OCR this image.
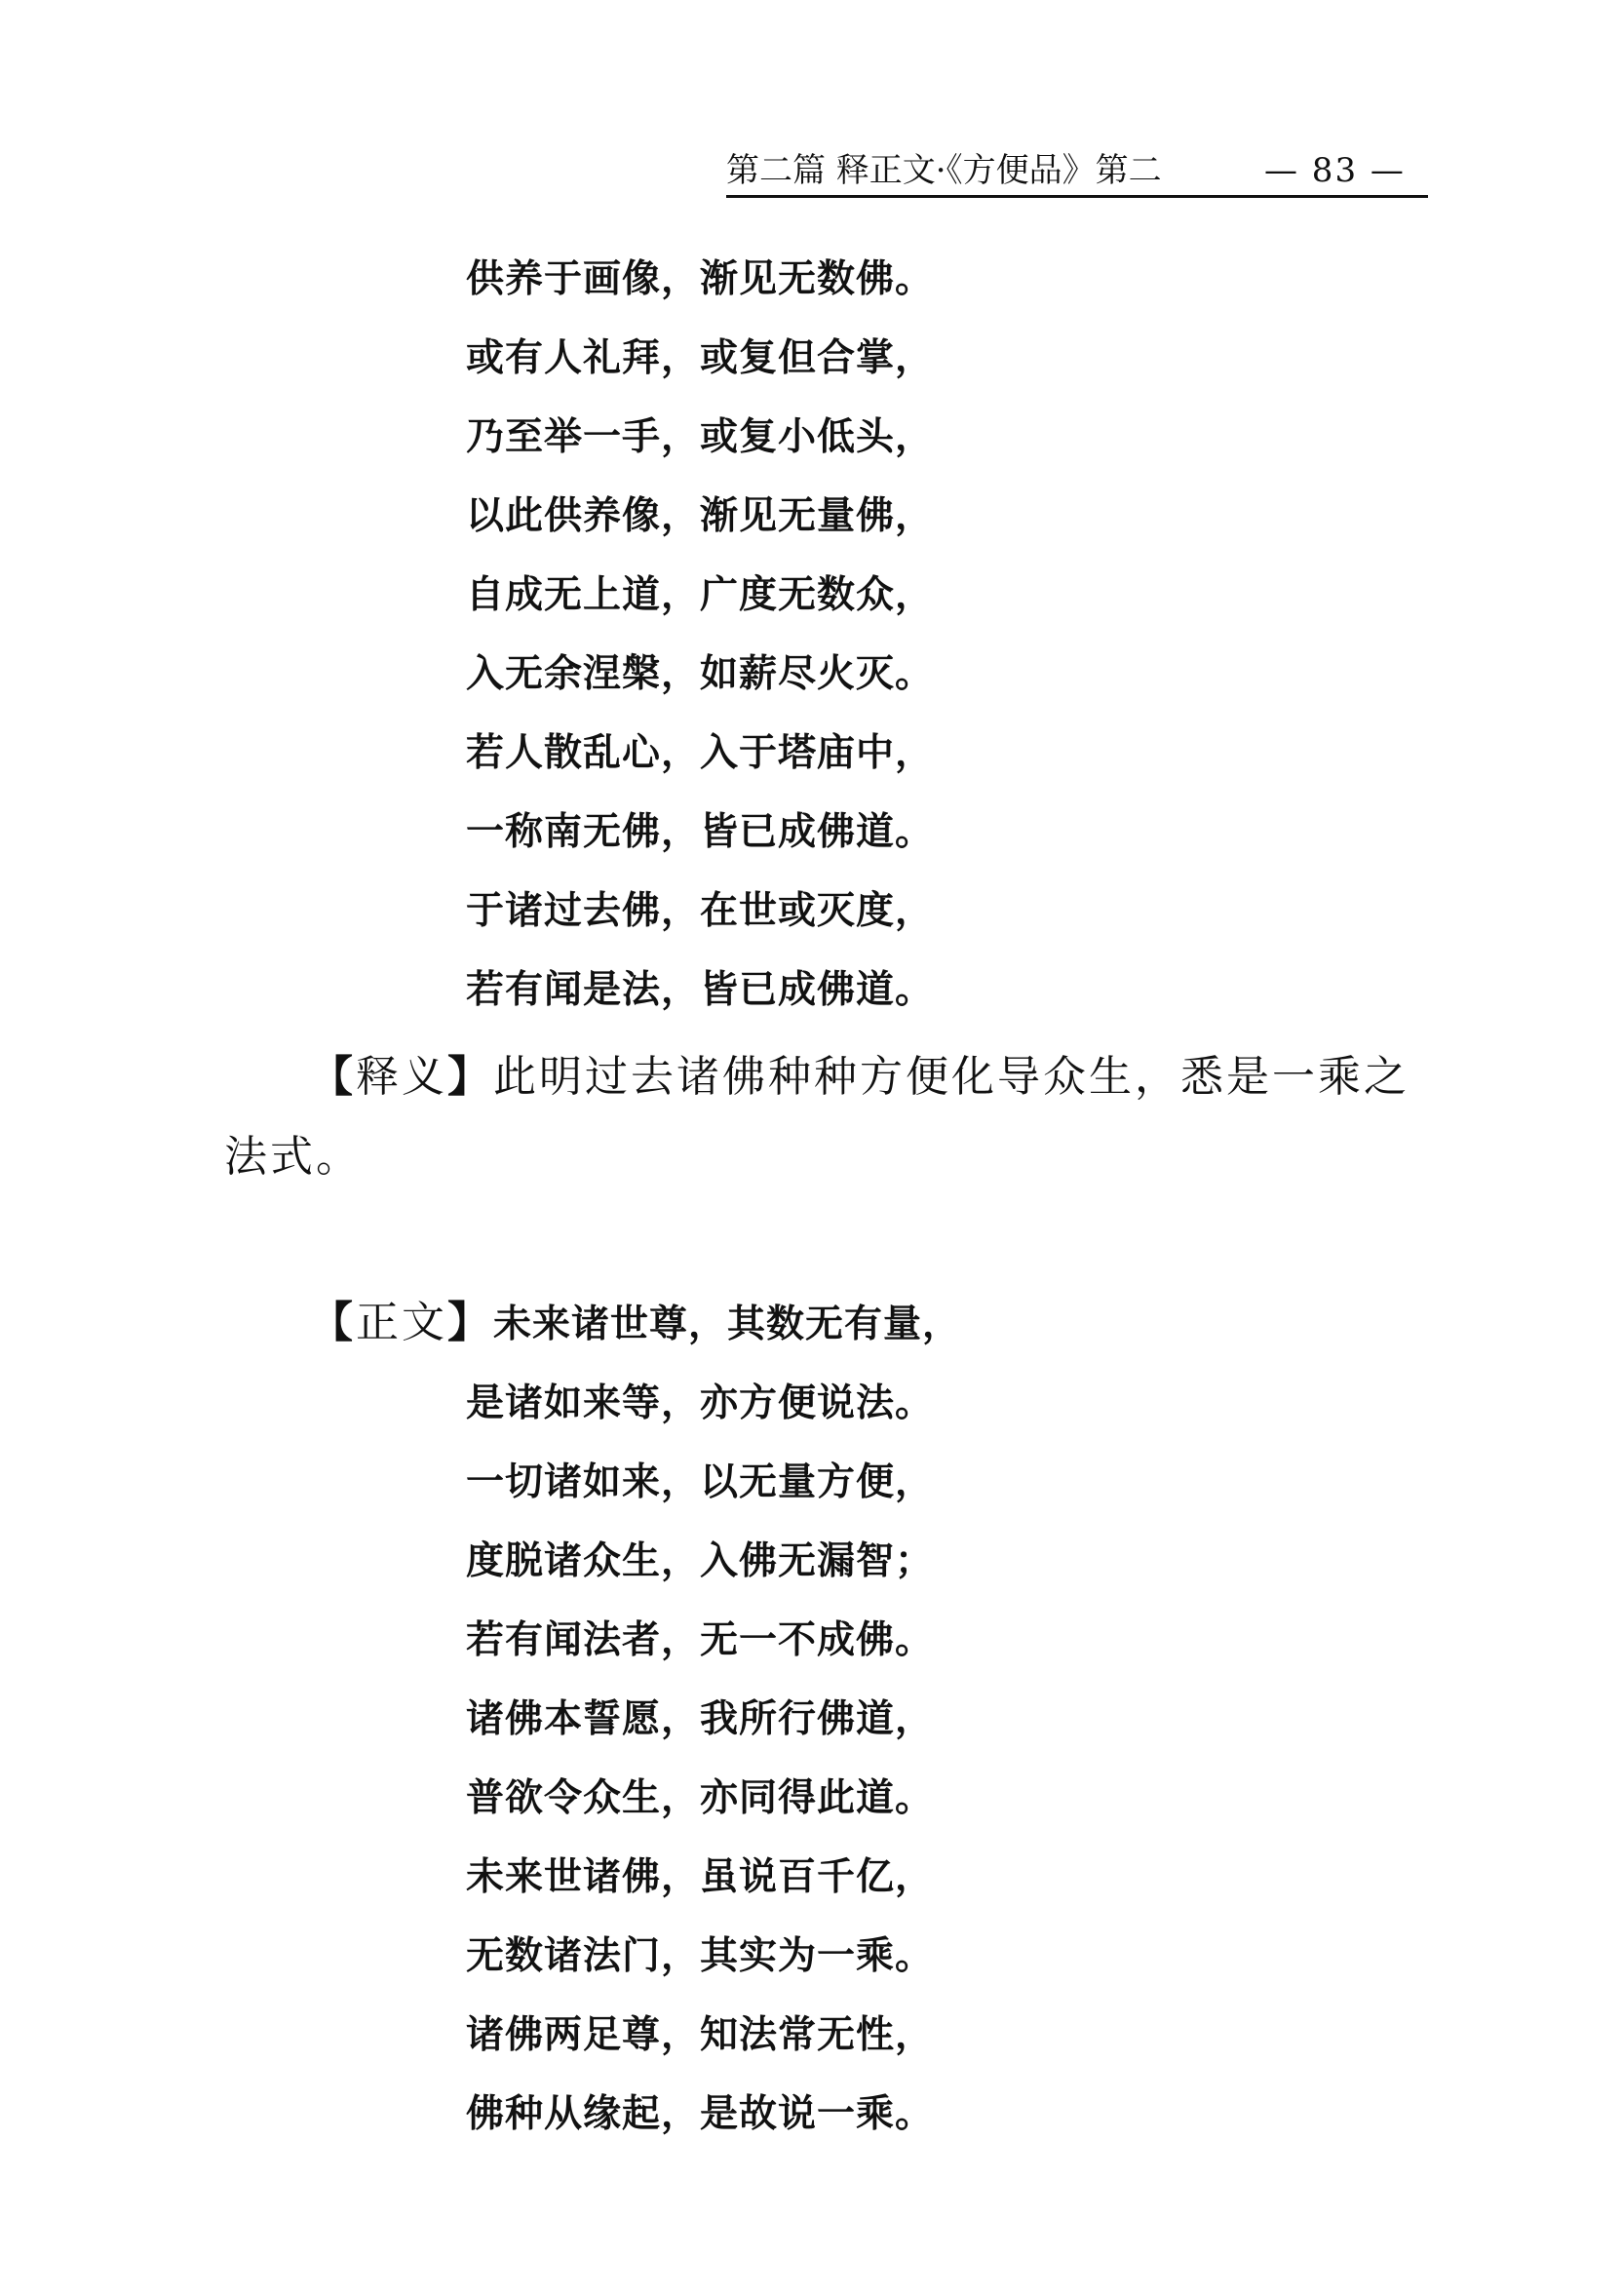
第二篇 释正文·《方便品》第二	— 83 —
供养于画像，渐见无数佛。
或有人礼拜，或复但合掌，
乃至举一手，或复小低头，
以此供养像，渐见无量佛，
自成无上道，广度无数众，
入无余涅槃，如薪尽火灭。
若人散乱心，入于塔庙中，
一称南无佛，皆已成佛道。
于诸过去佛，在世或灭度，
若有闻是法，皆已成佛道。
【释义】此明过去诸佛种种方便化导众生，悉是一乘之
法式。
【正文】未来诸世尊，其数无有量，
是诸如来等，亦方便说法。
一切诸如来，以无量方便，
度脱诸众生，入佛无漏智；
若有闻法者，无一不成佛。
诸佛本誓愿，我所行佛道，
普欲令众生，亦同得此道。
未来世诸佛，虽说百千亿，
无数诸法门，其实为一乘。
诸佛两足尊，知法常无性，
佛种从缘起，是故说一乘。
